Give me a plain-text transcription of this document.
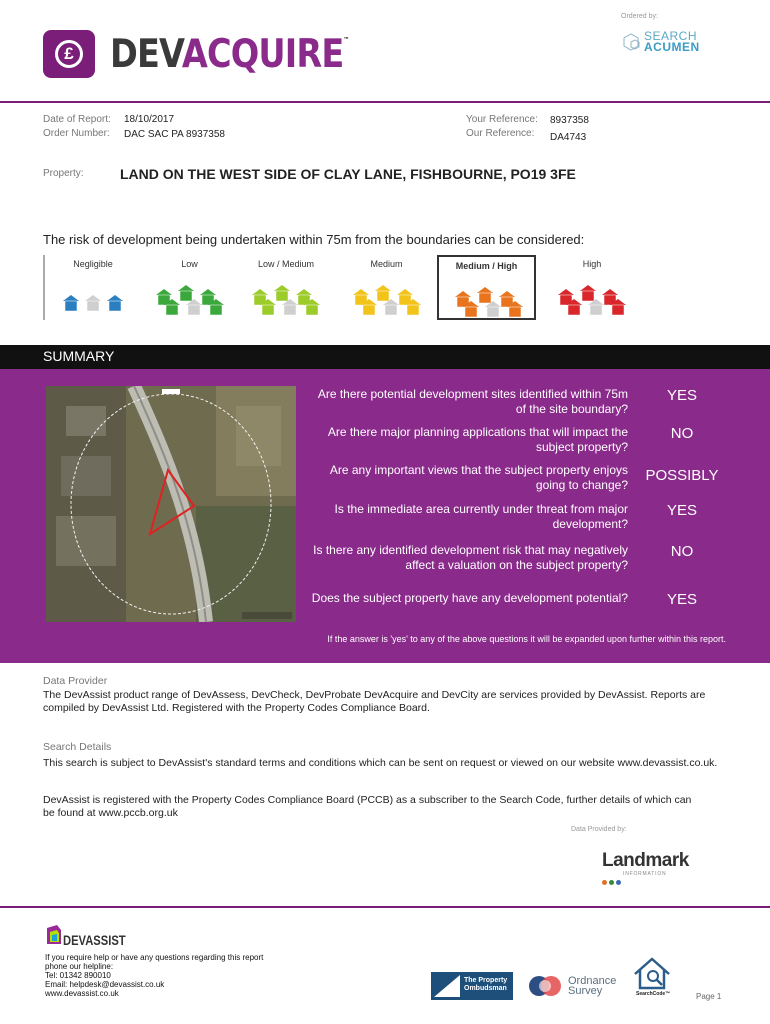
£ DEVACQUIRE™
Ordered by:
SEARCH
ACUMEN
Date of Report: 18/10/2017
Order Number: DAC SAC PA 8937358
Your Reference: 8937358
Our Reference: DA4743
Property:	LAND ON THE WEST SIDE OF CLAY LANE, FISHBOURNE, PO19 3FE
The risk of development being undertaken within 75m from the boundaries can be considered:
Negligible	Low	Low / Medium	Medium	Medium / High	High
SUMMARY
Are there potential development sites identified within 75m of the site boundary?
YES
Are there major planning applications that will impact the subject property?
NO
Are any important views that the subject property enjoys going to change?
POSSIBLY
Is the immediate area currently under threat from major development?
YES
Is there any identified development risk that may negatively affect a valuation on the subject property?
NO
Does the subject property have any development potential?	YES
If the answer is 'yes' to any of the above questions it will be expanded upon further within this report.
Data Provider
The DevAssist product range of DevAssess, DevCheck, DevProbate DevAcquire and DevCity are services provided by DevAssist. Reports are compiled by DevAssist Ltd. Registered with the Property Codes Compliance Board.
Search Details
This search is subject to DevAssist's standard terms and conditions which can be sent on request or viewed on our website www.devassist.co.uk.
DevAssist is registered with the Property Codes Compliance Board (PCCB) as a subscriber to the Search Code, further details of which can be found at www.pccb.org.uk
Data Provided by:
Landmark
INFORMATION
DEVASSIST
If you require help or have any questions regarding this report phone our helpline:
Tel: 01342 890010
Email: helpdesk@devassist.co.uk
www.devassist.co.uk
The Property Ombudsman
Ordnance
Survey	SearchCode™	Page 1
